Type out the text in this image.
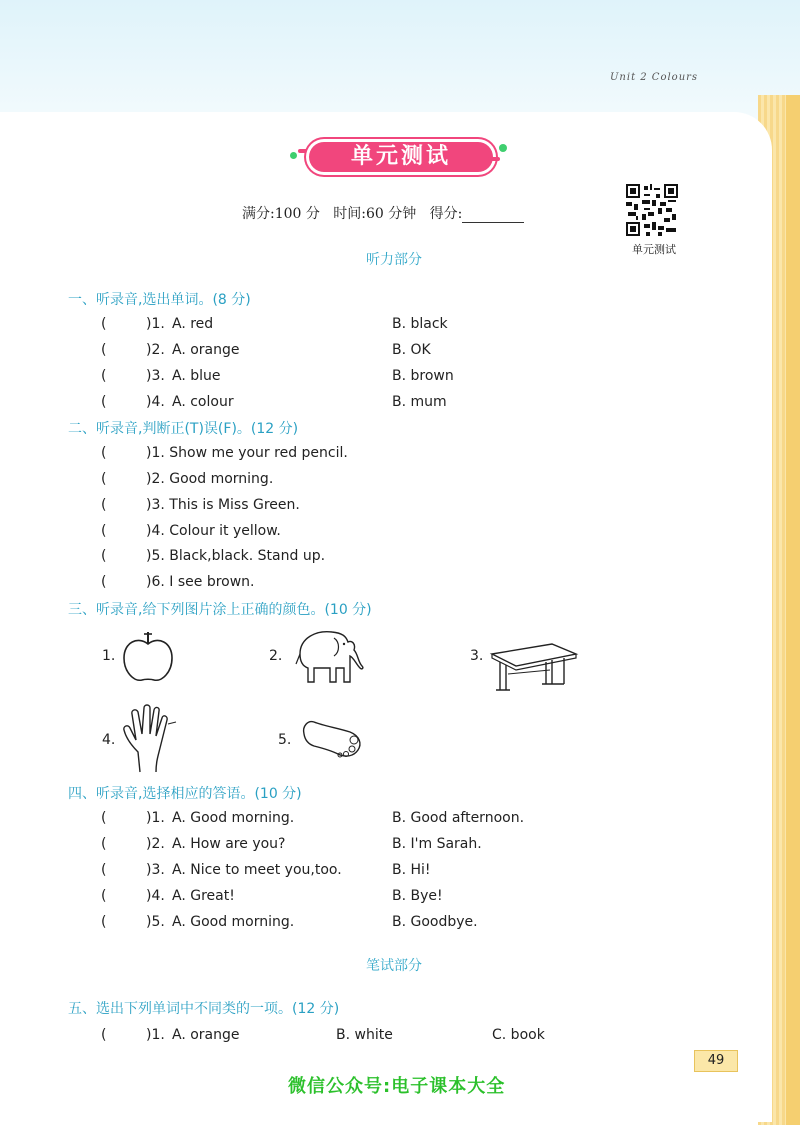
Unit 2 Colours
单元测试
满分:100 分 时间:60 分钟 得分:
单元测试
听力部分
一、听录音,选出单词。(8 分)
二、听录音,判断正(T)误(F)。(12 分)
(	)1. A. red	B. black
(	)2. A. orange	B. OK
(	)3. A. blue	B. brown
(	)4. A. colour	B. mum
(	)1. Show me your red pencil.
(	)2. Good morning.
(	)3. This is Miss Green.
(	)4. Colour it yellow.
(	)5. Black,black. Stand up.
(	)6. I see brown.
三、听录音,给下列图片涂上正确的颜色。(10 分)
1.	2.	3.
4.	5.
四、听录音,选择相应的答语。(10 分)
(	)1. A. Good morning.	B. Good afternoon.
(	)2. A. How are you?	B. I'm Sarah.
(	)3. A. Nice to meet you,too.	B. Hi!
(	)4. A. Great!	B. Bye!
(	)5. A. Good morning.	B. Goodbye.
笔试部分
五、选出下列单词中不同类的一项。(12 分)
(	)1. A. orange	B. white	C. book
49
微信公众号:电子课本大全
